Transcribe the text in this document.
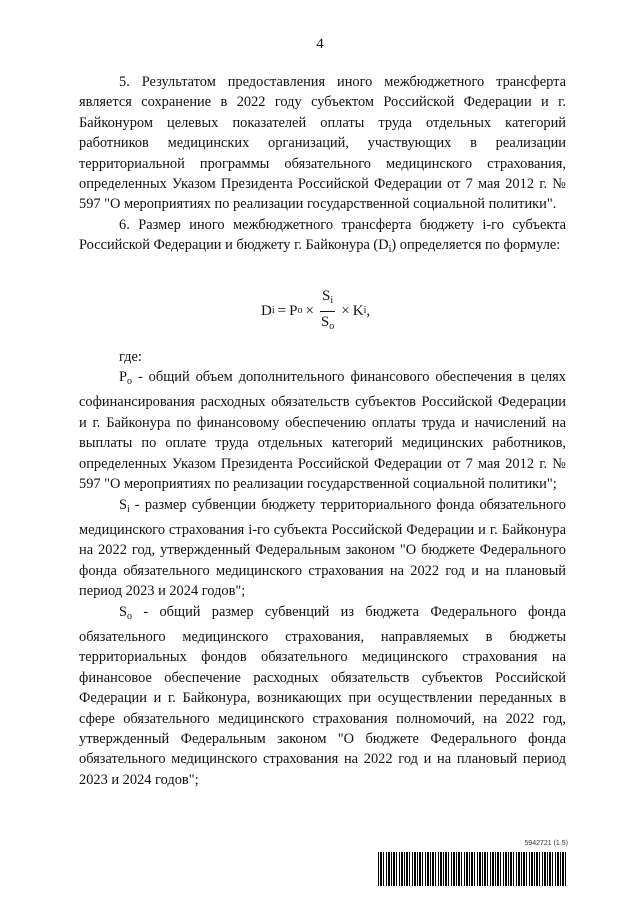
4

5. Результатом предоставления иного межбюджетного трансферта является сохранение в 2022 году субъектом Российской Федерации и г. Байконуром целевых показателей оплаты труда отдельных категорий работников медицинских организаций, участвующих в реализации территориальной программы обязательного медицинского страхования, определенных Указом Президента Российской Федерации от 7 мая 2012 г. № 597 "О мероприятиях по реализации государственной социальной политики".

6. Размер иного межбюджетного трансферта бюджету i-го субъекта Российской Федерации и бюджету г. Байконура $(D_i)$ определяется по формуле:

D i = P $o \times \frac{S_i}{S_o} \times K$ i ,

где:

$P_o$ - общий объем дополнительного финансового обеспечения в целях софинансирования расходных обязательств субъектов Российской Федерации и г. Байконура по финансовому обеспечению оплаты труда и начислений на выплаты по оплате труда отдельных категорий медицинских работников, определенных Указом Президента Российской Федерации от 7 мая 2012 г. № 597 "О мероприятиях по реализации государственной социальной политики";

$S_i$ - размер субвенции бюджету территориального фонда обязательного медицинского страхования i-го субъекта Российской Федерации и г. Байконура на 2022 год, утвержденный Федеральным законом "О бюджете Федерального фонда обязательного медицинского страхования на 2022 год и на плановый период 2023 и 2024 годов";

$S_o$ - общий размер субвенций из бюджета Федерального фонда обязательного медицинского страхования, направляемых в бюджеты территориальных фондов обязательного медицинского страхования на финансовое обеспечение расходных обязательств субъектов Российской Федерации и г. Байконура, возникающих при осуществлении переданных в сфере обязательного медицинского страхования полномочий, на 2022 год, утвержденный Федеральным законом "О бюджете Федерального фонда обязательного медицинского страхования на 2022 год и на плановый период 2023 и 2024 годов";

5942721 (1.5)
